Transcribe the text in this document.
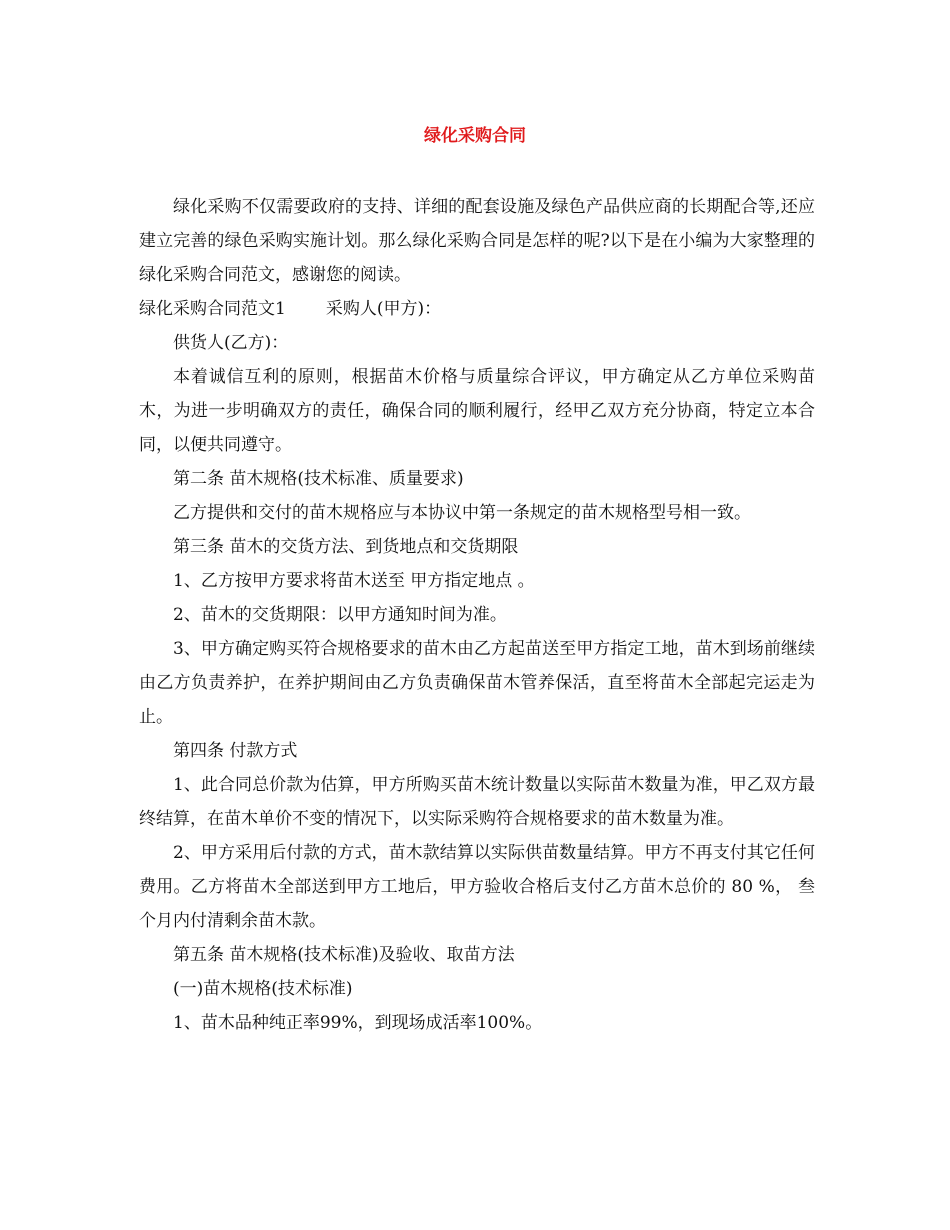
绿化采购合同

绿化采购不仅需要政府的支持、详细的配套设施及绿色产品供应商的长期配合等,还应建立完善的绿色采购实施计划。那么绿化采购合同是怎样的呢?以下是在小编为大家整理的绿化采购合同范文，感谢您的阅读。

绿化采购合同范文1 采购人(甲方)：

供货人(乙方)：

本着诚信互利的原则，根据苗木价格与质量综合评议，甲方确定从乙方单位采购苗木，为进一步明确双方的责任，确保合同的顺利履行，经甲乙双方充分协商，特定立本合同，以便共同遵守。

第二条 苗木规格(技术标准、质量要求)

乙方提供和交付的苗木规格应与本协议中第一条规定的苗木规格型号相一致。

第三条 苗木的交货方法、到货地点和交货期限

1、乙方按甲方要求将苗木送至 甲方指定地点 。

2、苗木的交货期限：以甲方通知时间为准。

3、甲方确定购买符合规格要求的苗木由乙方起苗送至甲方指定工地，苗木到场前继续由乙方负责养护，在养护期间由乙方负责确保苗木管养保活，直至将苗木全部起完运走为止。

第四条 付款方式

1、此合同总价款为估算，甲方所购买苗木统计数量以实际苗木数量为准，甲乙双方最终结算，在苗木单价不变的情况下，以实际采购符合规格要求的苗木数量为准。

2、甲方采用后付款的方式，苗木款结算以实际供苗数量结算。甲方不再支付其它任何费用。乙方将苗木全部送到甲方工地后，甲方验收合格后支付乙方苗木总价的 80 %， 叁 个月内付清剩余苗木款。

第五条 苗木规格(技术标准)及验收、取苗方法

(一)苗木规格(技术标准)

1、苗木品种纯正率99%，到现场成活率100%。
